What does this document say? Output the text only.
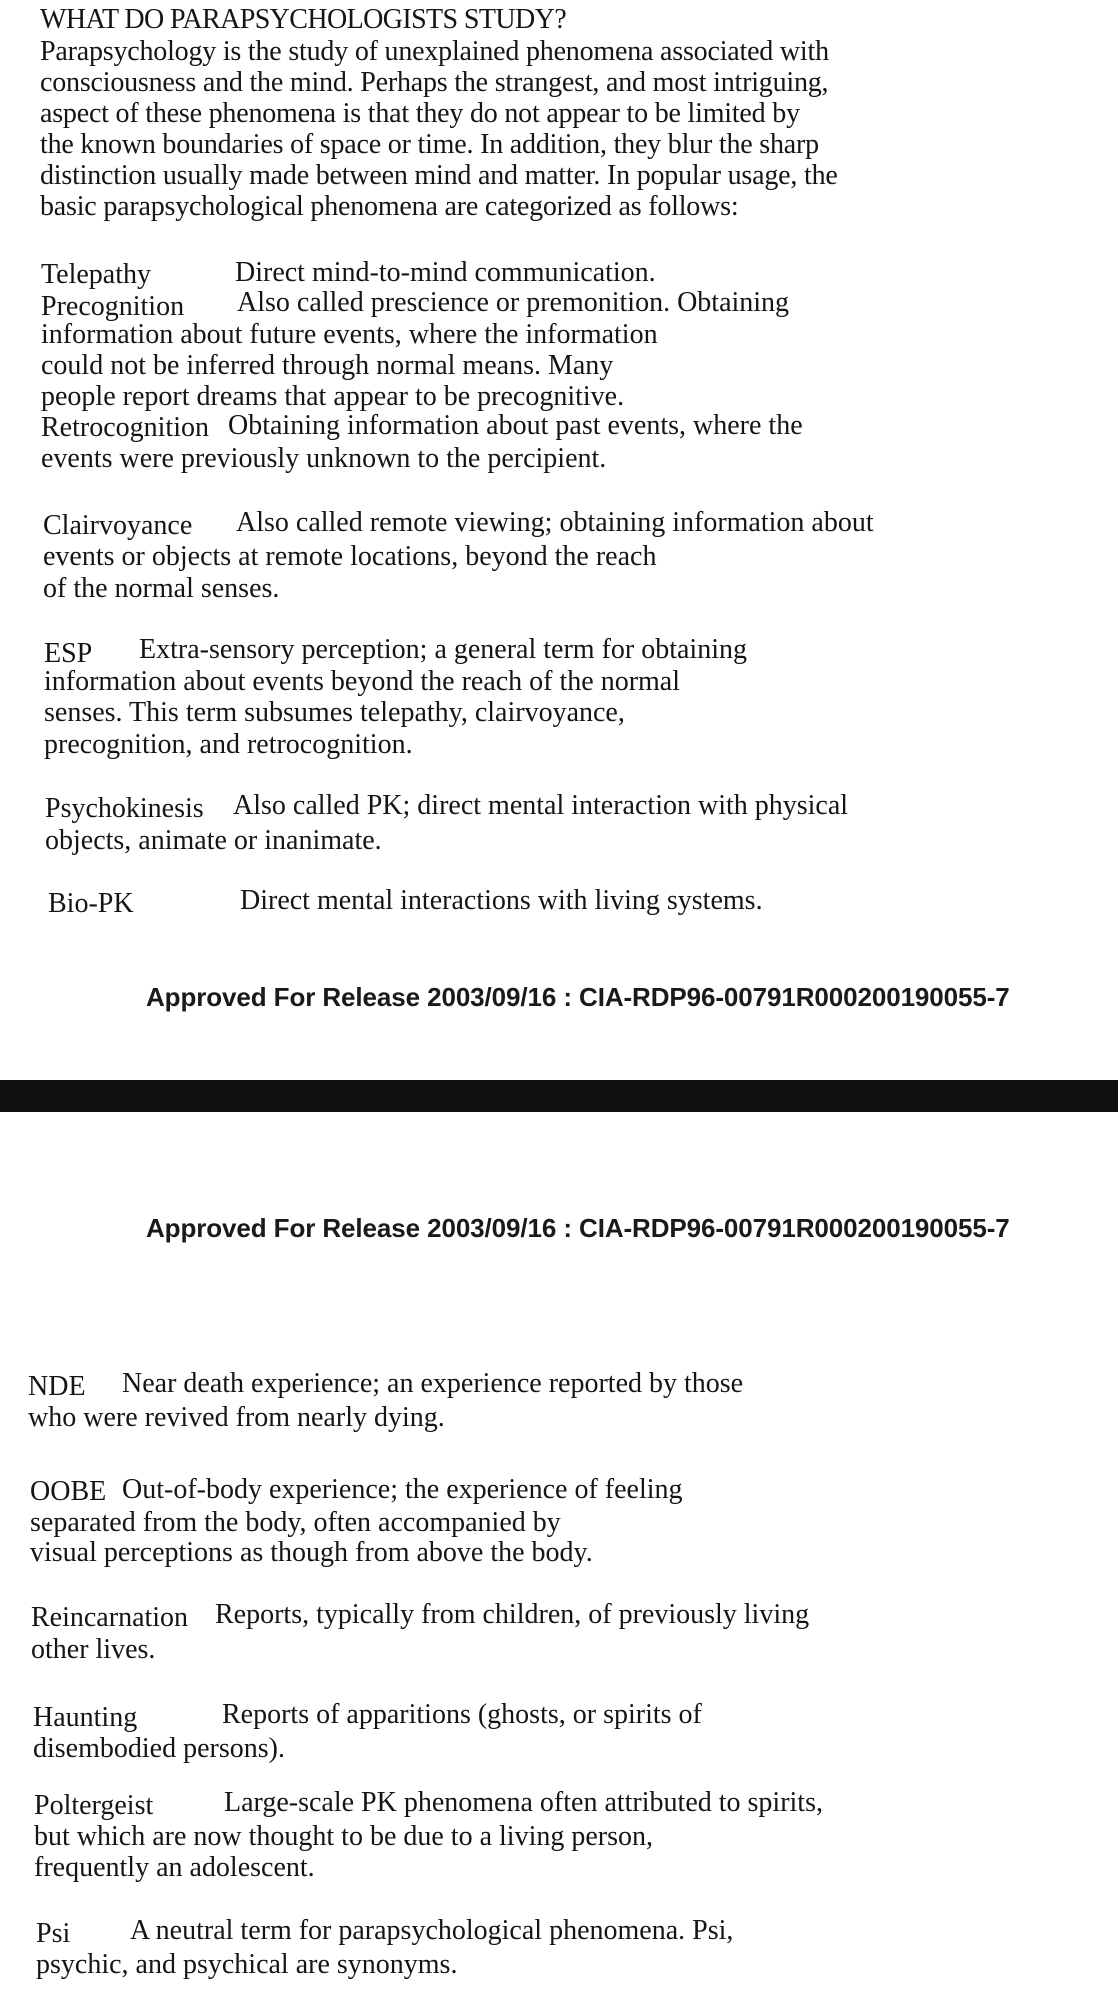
WHAT DO PARAPSYCHOLOGISTS STUDY?
Parapsychology is the study of unexplained phenomena associated with
consciousness and the mind. Perhaps the strangest, and most intriguing,
aspect of these phenomena is that they do not appear to be limited by
the known boundaries of space or time. In addition, they blur the sharp
distinction usually made between mind and matter. In popular usage, the
basic parapsychological phenomena are categorized as follows:
Telepathy	Direct mind-to-mind communication.
Precognition Also called prescience or premonition. Obtaining
information about future events, where the information
could not be inferred through normal means. Many
people report dreams that appear to be precognitive.
Retrocognition Obtaining information about past events, where the
events were previously unknown to the percipient.
Clairvoyance Also called remote viewing; obtaining information about
events or objects at remote locations, beyond the reach
of the normal senses.
ESP Extra-sensory perception; a general term for obtaining
information about events beyond the reach of the normal
senses. This term subsumes telepathy, clairvoyance,
precognition, and retrocognition.
Psychokinesis Also called PK; direct mental interaction with physical
objects, animate or inanimate.
Bio-PK	Direct mental interactions with living systems.
Approved For Release 2003/09/16 : CIA-RDP96-00791R000200190055-7
Approved For Release 2003/09/16 : CIA-RDP96-00791R000200190055-7
NDE Near death experience; an experience reported by those
who were revived from nearly dying.
OOBE Out-of-body experience; the experience of feeling
separated from the body, often accompanied by
visual perceptions as though from above the body.
Reincarnation Reports, typically from children, of previously living
other lives.
Haunting	Reports of apparitions (ghosts, or spirits of
disembodied persons).
Poltergeist	Large-scale PK phenomena often attributed to spirits,
but which are now thought to be due to a living person,
frequently an adolescent.
Psi A neutral term for parapsychological phenomena. Psi,
psychic, and psychical are synonyms.
